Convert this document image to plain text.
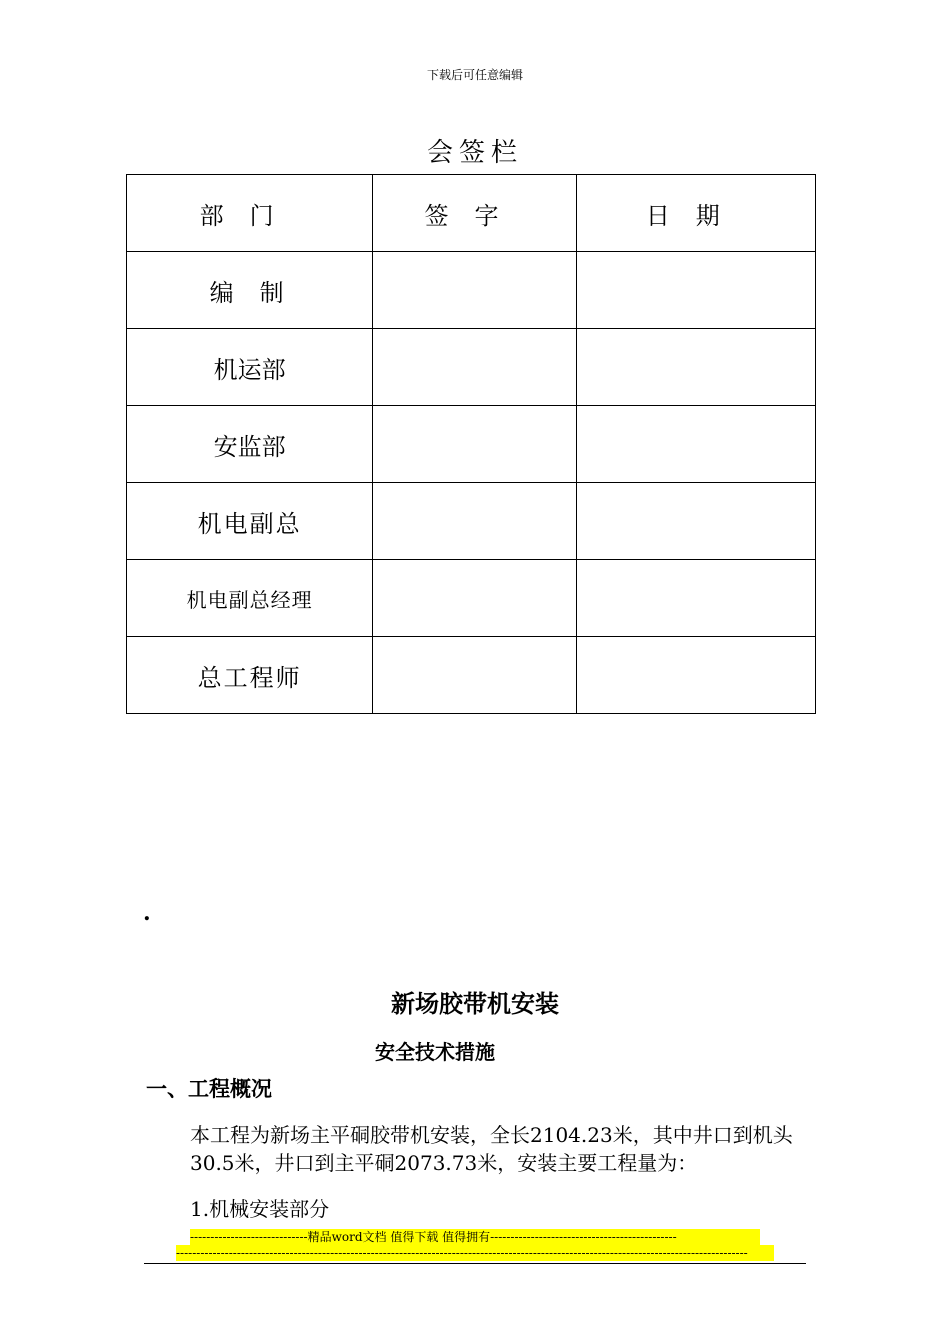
下载后可任意编辑
会签栏
部门	签字	日期
编制		
机运部		
安监部		
机电副总		
机电副总经理		
总工程师		
.
新场胶带机安装
安全技术措施
一、工程概况
本工程为新场主平硐胶带机安装，全长2104.23米，其中井口到机头30.5米，井口到主平硐2073.73米，安装主要工程量为：
1.机械安装部分
-----------------------------精品word文档 值得下载 值得拥有----------------------------------------------
---------------------------------------------------------------------------------------------------------------------------------------------
